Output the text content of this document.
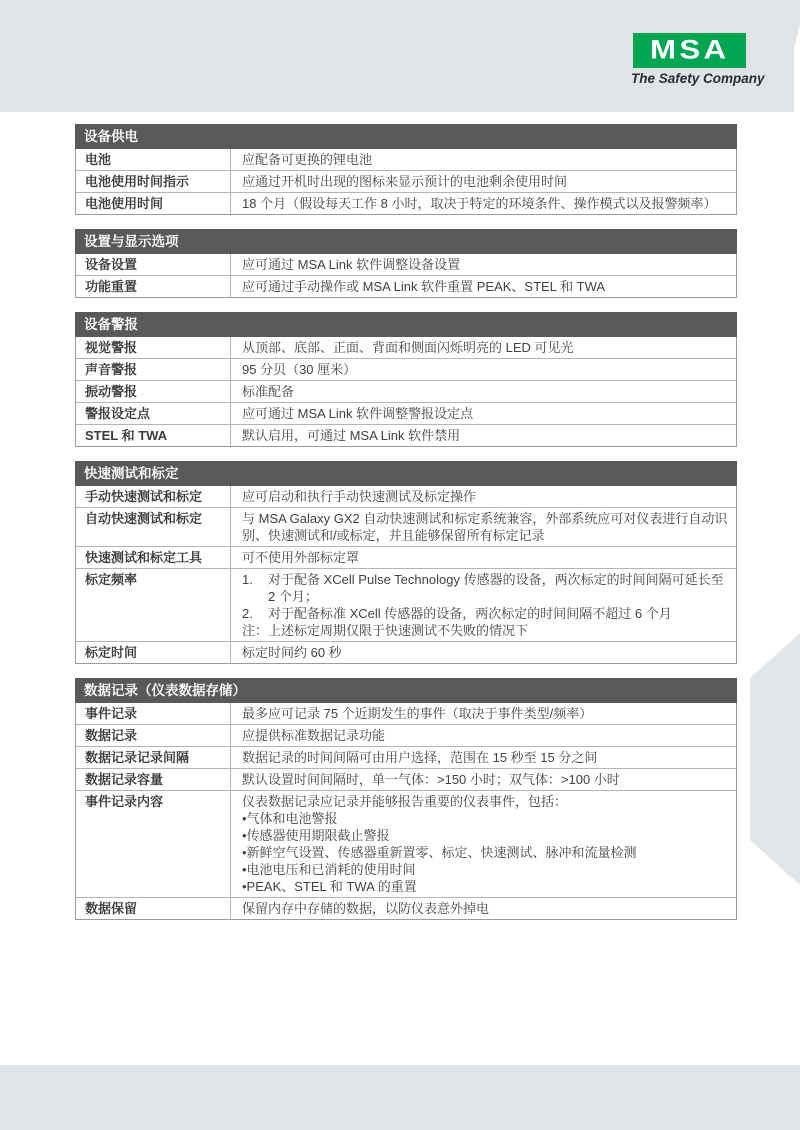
MSA
The Safety Company
设备供电
电池	应配备可更换的锂电池
电池使用时间指示	应通过开机时出现的图标来显示预计的电池剩余使用时间
电池使用时间	18 个月（假设每天工作 8 小时，取决于特定的环境条件、操作模式以及报警频率）
设置与显示选项
设备设置	应可通过 MSA Link 软件调整设备设置
功能重置	应可通过手动操作或 MSA Link 软件重置 PEAK、STEL 和 TWA
设备警报
视觉警报	从顶部、底部、正面、背面和侧面闪烁明亮的 LED 可见光
声音警报	95 分贝（30 厘米）
振动警报	标准配备
警报设定点	应可通过 MSA Link 软件调整警报设定点
STEL 和 TWA	默认启用，可通过 MSA Link 软件禁用
快速测试和标定
手动快速测试和标定	应可启动和执行手动快速测试及标定操作
自动快速测试和标定	与 MSA Galaxy GX2 自动快速测试和标定系统兼容，外部系统应可对仪表进行自动识别、快速测试和/或标定，并且能够保留所有标定记录
快速测试和标定工具	可不使用外部标定罩
标定频率	1.	对于配备 XCell Pulse Technology 传感器的设备，两次标定的时间间隔可延长至 2 个月；
2.	对于配备标准 XCell 传感器的设备，两次标定的时间间隔不超过 6 个月
注：上述标定周期仅限于快速测试不失败的情况下
标定时间	标定时间约 60 秒
数据记录（仪表数据存储）
事件记录	最多应可记录 75 个近期发生的事件（取决于事件类型/频率）
数据记录	应提供标准数据记录功能
数据记录记录间隔	数据记录的时间间隔可由用户选择，范围在 15 秒至 15 分之间
数据记录容量	默认设置时间间隔时，单一气体：>150 小时；双气体：>100 小时
事件记录内容	仪表数据记录应记录并能够报告重要的仪表事件，包括：
•气体和电池警报
•传感器使用期限截止警报
•新鲜空气设置、传感器重新置零、标定、快速测试、脉冲和流量检测
•电池电压和已消耗的使用时间
•PEAK、STEL 和 TWA 的重置
数据保留	保留内存中存储的数据，以防仪表意外掉电
